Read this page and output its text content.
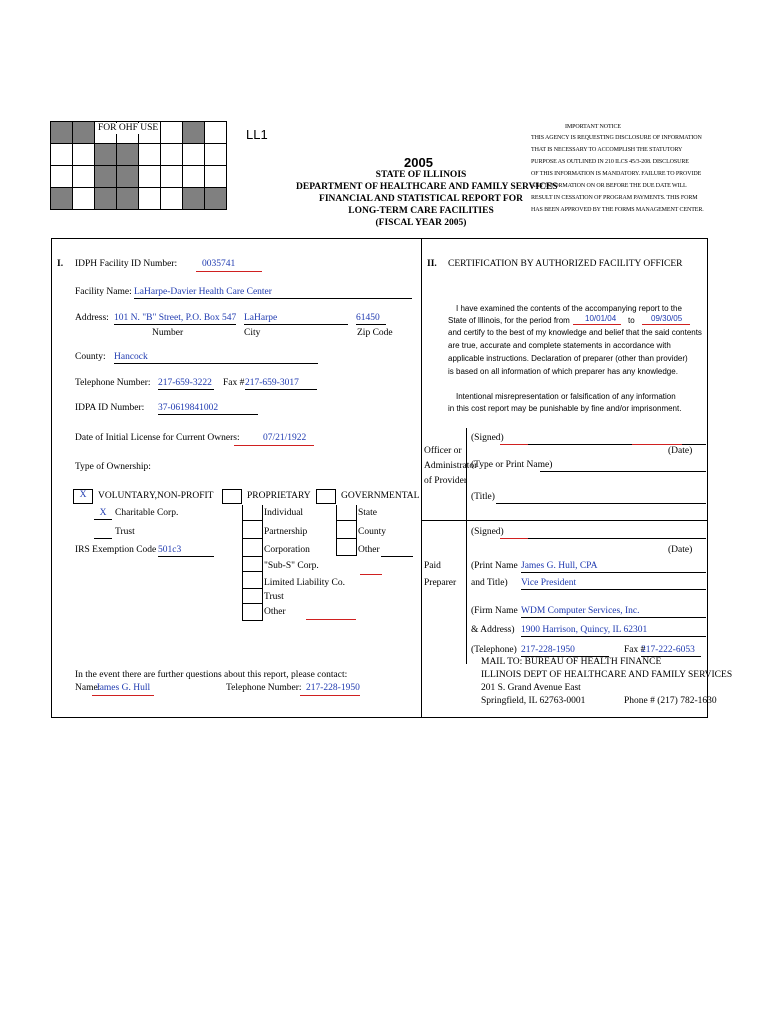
FOR OHF USE	LL1
2005
STATE OF ILLINOIS
DEPARTMENT OF HEALTHCARE AND FAMILY SERVICES
FINANCIAL AND STATISTICAL REPORT FOR
LONG-TERM CARE FACILITIES
(FISCAL YEAR 2005)
IMPORTANT NOTICE
THIS AGENCY IS REQUESTING DISCLOSURE OF INFORMATION
THAT IS NECESSARY TO ACCOMPLISH THE STATUTORY
PURPOSE AS OUTLINED IN 210 ILCS 45/3-208. DISCLOSURE
OF THIS INFORMATION IS MANDATORY. FAILURE TO PROVIDE
ANY INFORMATION ON OR BEFORE THE DUE DATE WILL
RESULT IN CESSATION OF PROGRAM PAYMENTS. THIS FORM
HAS BEEN APPROVED BY THE FORMS MANAGEMENT CENTER.
I. IDPH Facility ID Number:	0035741
Facility Name: LaHarpe-Davier Health Care Center
Address: 101 N. "B" Street, P.O. Box 547 LaHarpe	61450
Number	City	Zip Code
County: Hancock
Telephone Number: 217-659-3222 Fax # 217-659-3017
IDPA ID Number: 37-0619841002
Date of Initial License for Current Owners: 07/21/1922
Type of Ownership:
X	VOLUNTARY,NON-PROFIT
X Charitable Corp.
Trust
IRS Exemption Code 501c3
PROPRIETARY
Individual
Partnership
Corporation
"Sub-S" Corp.
Limited Liability Co.
Trust
Other
GOVERNMENTAL
State
County
Other
In the event there are further questions about this report, please contact:
Name:
James G. Hull	Telephone Number: 217-228-1950
II. CERTIFICATION BY AUTHORIZED FACILITY OFFICER
I have examined the contents of the accompanying report to the
State of Illinois, for the period from 10/01/04 to 09/30/05
and certify to the best of my knowledge and belief that the said contents
are true, accurate and complete statements in accordance with
applicable instructions. Declaration of preparer (other than provider)
is based on all information of which preparer has any knowledge.
Intentional misrepresentation or falsification of any information
in this cost report may be punishable by fine and/or imprisonment.
Officer or
Administrator
of Provider
(Signed)
(Date)
(Type or Print Name)
(Title)
Paid
Preparer
(Signed)
(Date)
(Print Name James G. Hull, CPA
and Title) Vice President
(Firm Name WDM Computer Services, Inc.
& Address) 1900 Harrison, Quincy, IL 62301
(Telephone) 217-228-1950	Fax #
217-222-6053
MAIL TO: BUREAU OF HEALTH FINANCE
ILLINOIS DEPT OF HEALTHCARE AND FAMILY SERVICES
201 S. Grand Avenue East
Springfield, IL 62763-0001	Phone # (217) 782-1630
